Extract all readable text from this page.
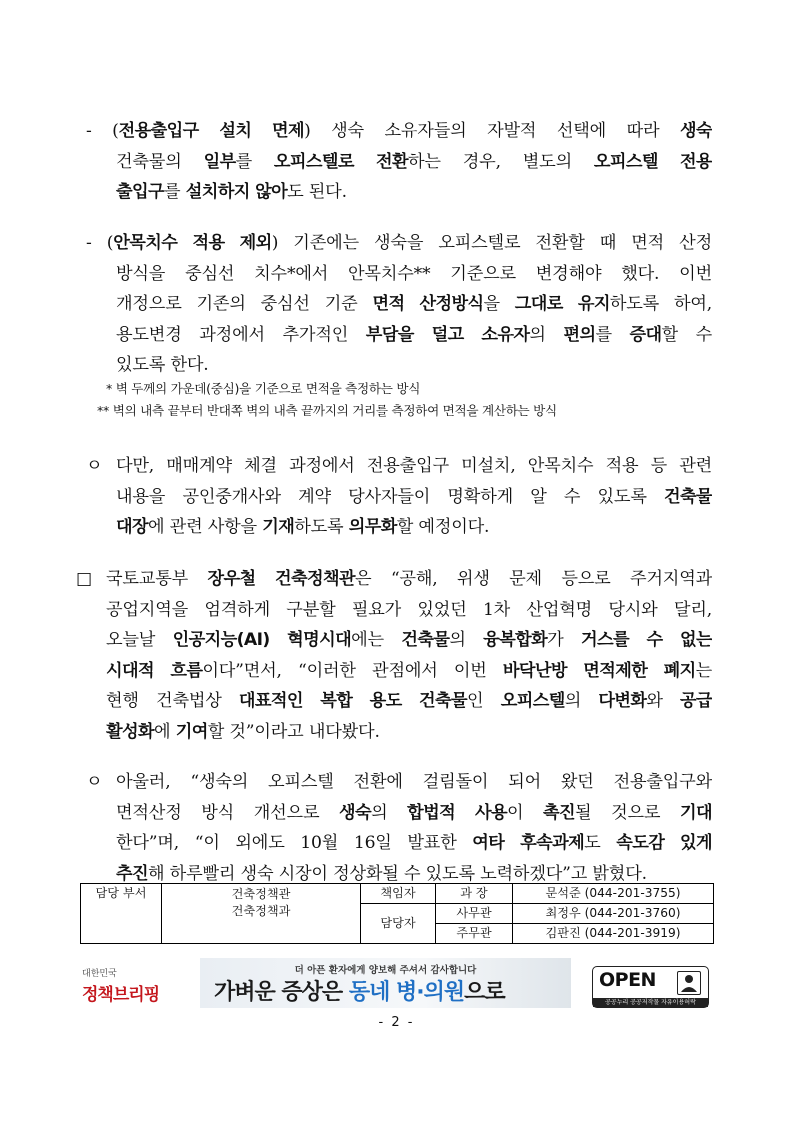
- (전용출입구 설치 면제) 생숙 소유자들의 자발적 선택에 따라 생숙
건축물의 일부를 오피스텔로 전환하는 경우, 별도의 오피스텔 전용
출입구를 설치하지 않아도 된다.
- (안목치수 적용 제외) 기존에는 생숙을 오피스텔로 전환할 때 면적 산정
방식을 중심선 치수*에서 안목치수** 기준으로 변경해야 했다. 이번
개정으로 기존의 중심선 기준 면적 산정방식을 그대로 유지하도록 하여,
용도변경 과정에서 추가적인 부담을 덜고 소유자의 편의를 증대할 수
있도록 한다.
* 벽 두께의 가운데(중심)을 기준으로 면적을 측정하는 방식
** 벽의 내측 끝부터 반대쪽 벽의 내측 끝까지의 거리를 측정하여 면적을 계산하는 방식
ㅇ 다만, 매매계약 체결 과정에서 전용출입구 미설치, 안목치수 적용 등 관련
내용을 공인중개사와 계약 당사자들이 명확하게 알 수 있도록 건축물
대장에 관련 사항을 기재하도록 의무화할 예정이다.
□ 국토교통부 장우철 건축정책관은 “공해, 위생 문제 등으로 주거지역과
공업지역을 엄격하게 구분할 필요가 있었던 1차 산업혁명 당시와 달리,
오늘날 인공지능(AI) 혁명시대에는 건축물의 융복합화가 거스를 수 없는
시대적 흐름이다”면서, “이러한 관점에서 이번 바닥난방 면적제한 폐지는
현행 건축법상 대표적인 복합 용도 건축물인 오피스텔의 다변화와 공급
활성화에 기여할 것”이라고 내다봤다.
ㅇ 아울러, “생숙의 오피스텔 전환에 걸림돌이 되어 왔던 전용출입구와
면적산정 방식 개선으로 생숙의 합법적 사용이 촉진될 것으로 기대
한다”며, “이 외에도 10월 16일 발표한 여타 후속과제도 속도감 있게
추진해 하루빨리 생숙 시장이 정상화될 수 있도록 노력하겠다”고 밝혔다.
담당 부서	건축정책관
건축정책과	책임자	과 장	문석준 (044-201-3755)
		담당자	사무관	최정우 (044-201-3760)
			주무관	김판진 (044-201-3919)
대한민국
정책브리핑
더 아픈 환자에게 양보해 주셔서 감사합니다
가벼운 증상은 동네 병·의원으로	OPEN
공공누리 공공저작물 자유이용허락
- 2 -
